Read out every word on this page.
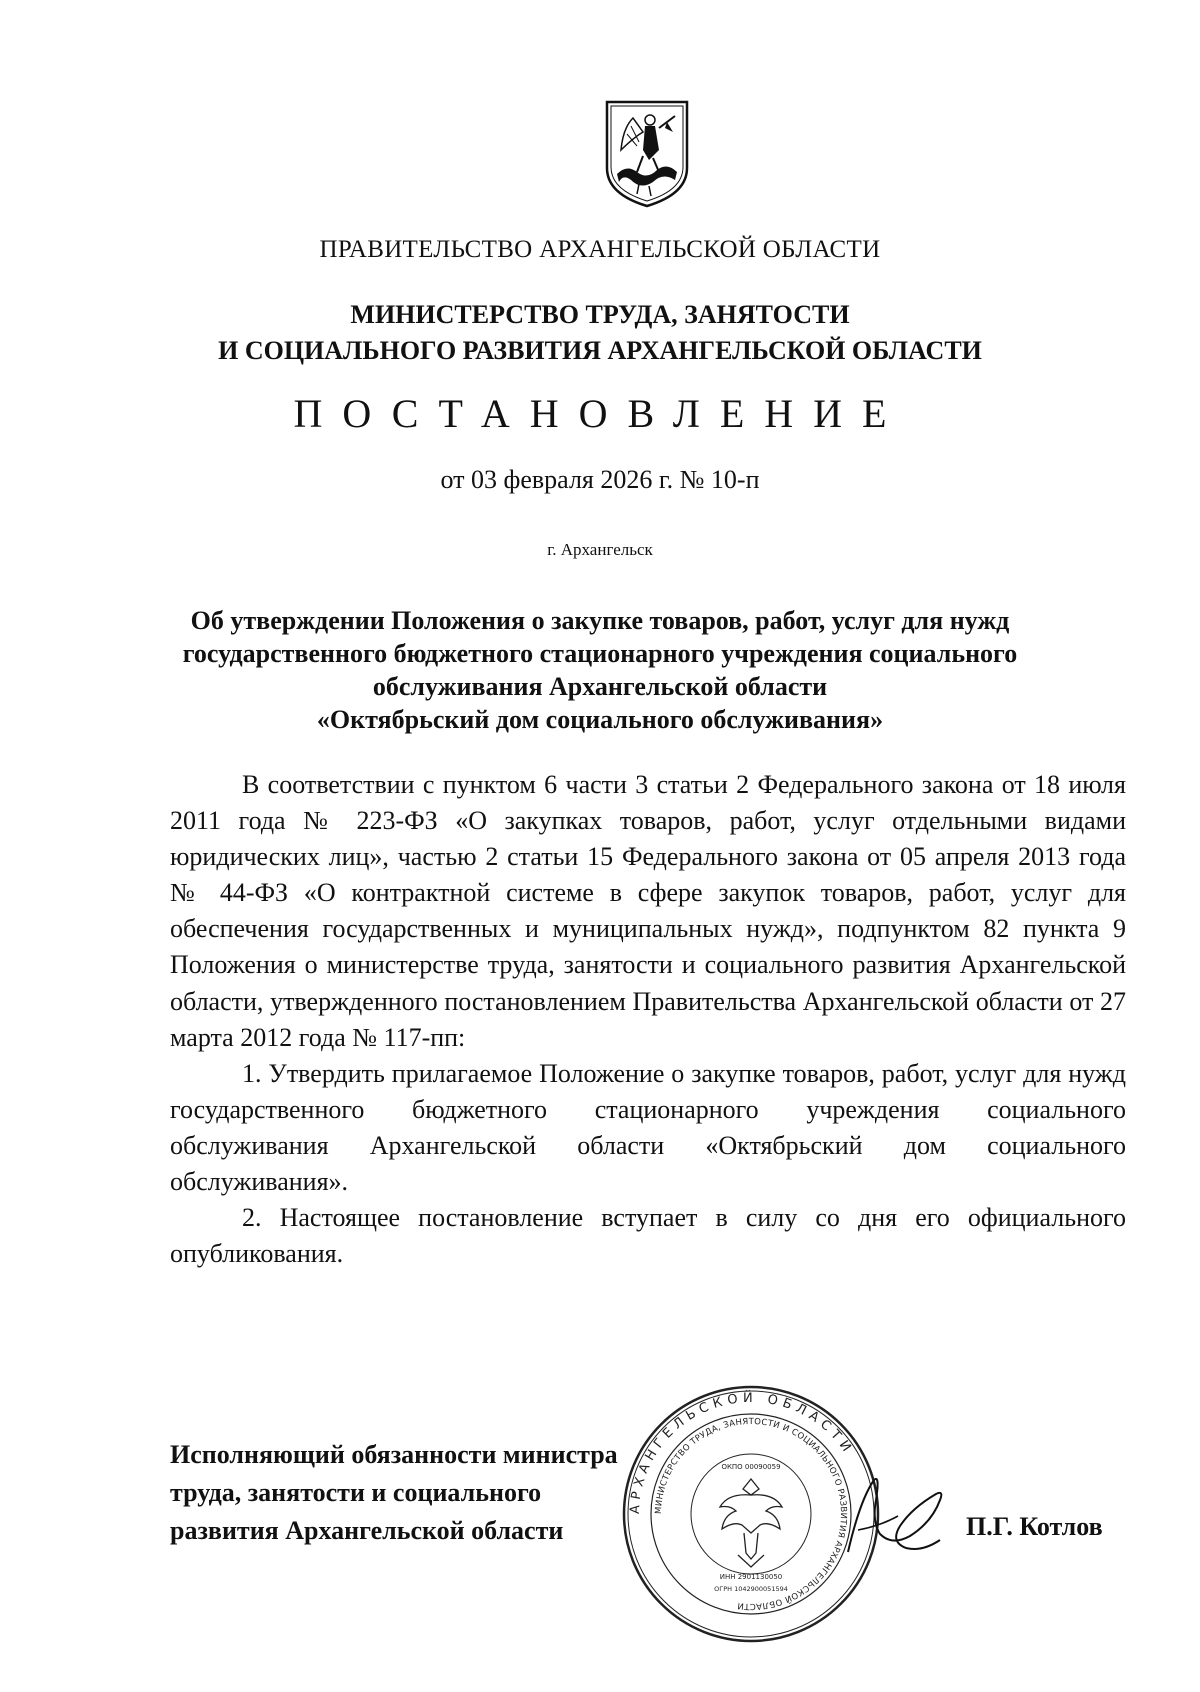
ПРАВИТЕЛЬСТВО АРХАНГЕЛЬСКОЙ ОБЛАСТИ
МИНИСТЕРСТВО ТРУДА, ЗАНЯТОСТИ
И СОЦИАЛЬНОГО РАЗВИТИЯ АРХАНГЕЛЬСКОЙ ОБЛАСТИ
ПОСТАНОВЛЕНИЕ
от 03 февраля 2026 г. № 10-п
г. Архангельск
Об утверждении Положения о закупке товаров, работ, услуг для нужд
государственного бюджетного стационарного учреждения социального
обслуживания Архангельской области
«Октябрьский дом социального обслуживания»

В соответствии с пунктом 6 части 3 статьи 2 Федерального закона от 18 июля 2011 года № 223-ФЗ «О закупках товаров, работ, услуг отдельными видами юридических лиц», частью 2 статьи 15 Федерального закона от 05 апреля 2013 года № 44-ФЗ «О контрактной системе в сфере закупок товаров, работ, услуг для обеспечения государственных и муниципальных нужд», подпунктом 82 пункта 9 Положения о министерстве труда, занятости и социального развития Архангельской области, утвержденного постановлением Правительства Архангельской области от 27 марта 2012 года № 117-пп:

1. Утвердить прилагаемое Положение о закупке товаров, работ, услуг для нужд государственного бюджетного стационарного учреждения социального обслуживания Архангельской области «Октябрьский дом социального обслуживания».

2. Настоящее постановление вступает в силу со дня его официального опубликования.

АРХАНГЕЛЬСКОЙ ОБЛАСТИ
МИНИСТЕРСТВО ТРУДА, ЗАНЯТОСТИ И СОЦИАЛЬНОГО РАЗВИТИЯ АРХАНГЕЛЬСКОЙ ОБЛАСТИ
ИНН 2901130050
ОКПО 00090059
ОГРН 1042900051594
Исполняющий обязанности министра
труда, занятости и социального
развития Архангельской области	П.Г. Котлов
